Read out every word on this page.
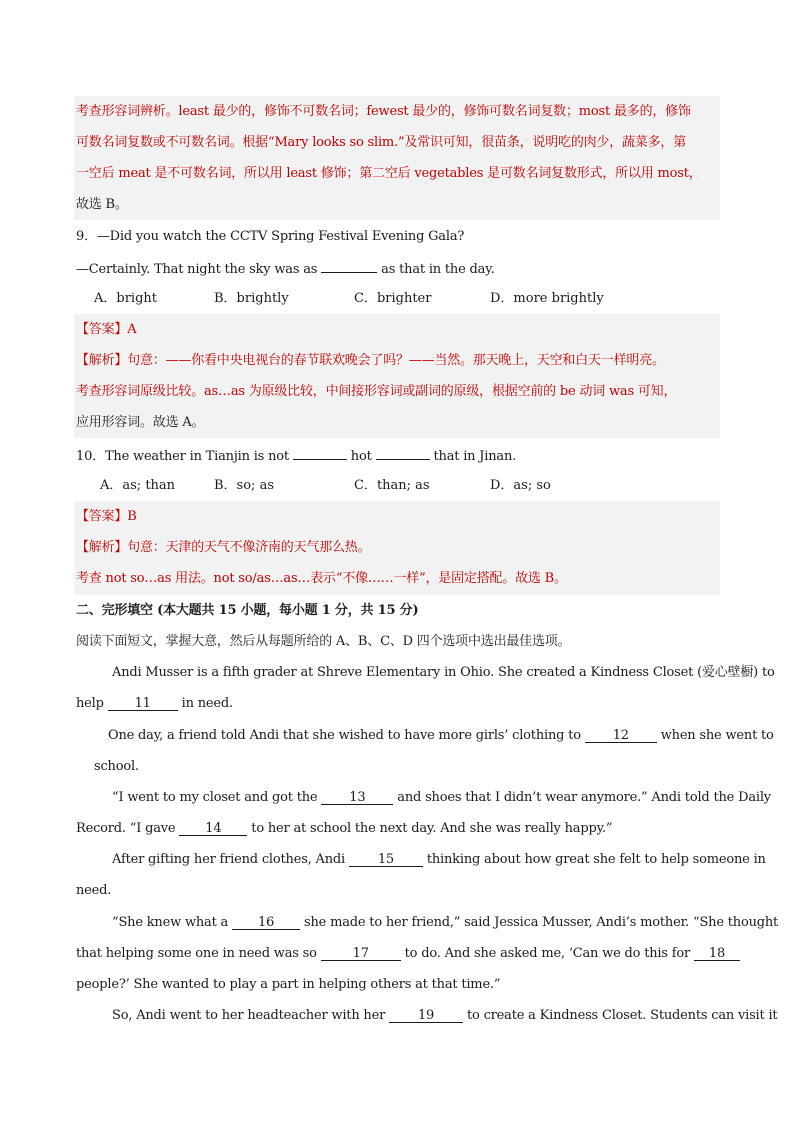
考查形容词辨析。least 最少的，修饰不可数名词；fewest 最少的，修饰可数名词复数；most 最多的，修饰
可数名词复数或不可数名词。根据“Mary looks so slim.”及常识可知，很苗条，说明吃的肉少，蔬菜多，第
一空后 meat 是不可数名词，所以用 least 修饰；第二空后 vegetables 是可数名词复数形式，所以用 most，
故选 B。
9．—Did you watch the CCTV Spring Festival Evening Gala?
—Certainly. That night the sky was as	as that in the day.
A．bright	B．brightly	C．brighter	D．more brightly
【答案】A
【解析】句意：——你看中央电视台的春节联欢晚会了吗？——当然。那天晚上，天空和白天一样明亮。
考查形容词原级比较。as…as 为原级比较，中间接形容词或副词的原级，根据空前的 be 动词 was 可知，
应用形容词。故选 A。
10．The weather in Tianjin is not	hot	that in Jinan.
A．as; than	B．so; as	C．than; as	D．as; so
【答案】B
【解析】句意：天津的天气不像济南的天气那么热。
考查 not so…as 用法。not so/as…as…表示“不像……一样”，是固定搭配。故选 B。
二、完形填空 (本大题共 15 小题，每小题 1 分，共 15 分)
阅读下面短文，掌握大意，然后从每题所给的 A、B、C、D 四个选项中选出最佳选项。
Andi Musser is a fifth grader at Shreve Elementary in Ohio. She created a Kindness Closet (爱心壁橱) to
help 11 in need.
One day, a friend told Andi that she wished to have more girls’ clothing to 12 when she went to
school.
“I went to my closet and got the 13 and shoes that I didn’t wear anymore.” Andi told the Daily
Record. “I gave 14 to her at school the next day. And she was really happy.”
After gifting her friend clothes, Andi	15	thinking about how great she felt to help someone in
need.
“She knew what a 16 she made to her friend,” said Jessica Musser, Andi’s mother. “She thought
that helping some one in need was so	17	to do. And she asked me, ‘Can we do this for 18
people?’ She wanted to play a part in helping others at that time.”
So, Andi went to her headteacher with her	19	to create a Kindness Closet. Students can visit it
